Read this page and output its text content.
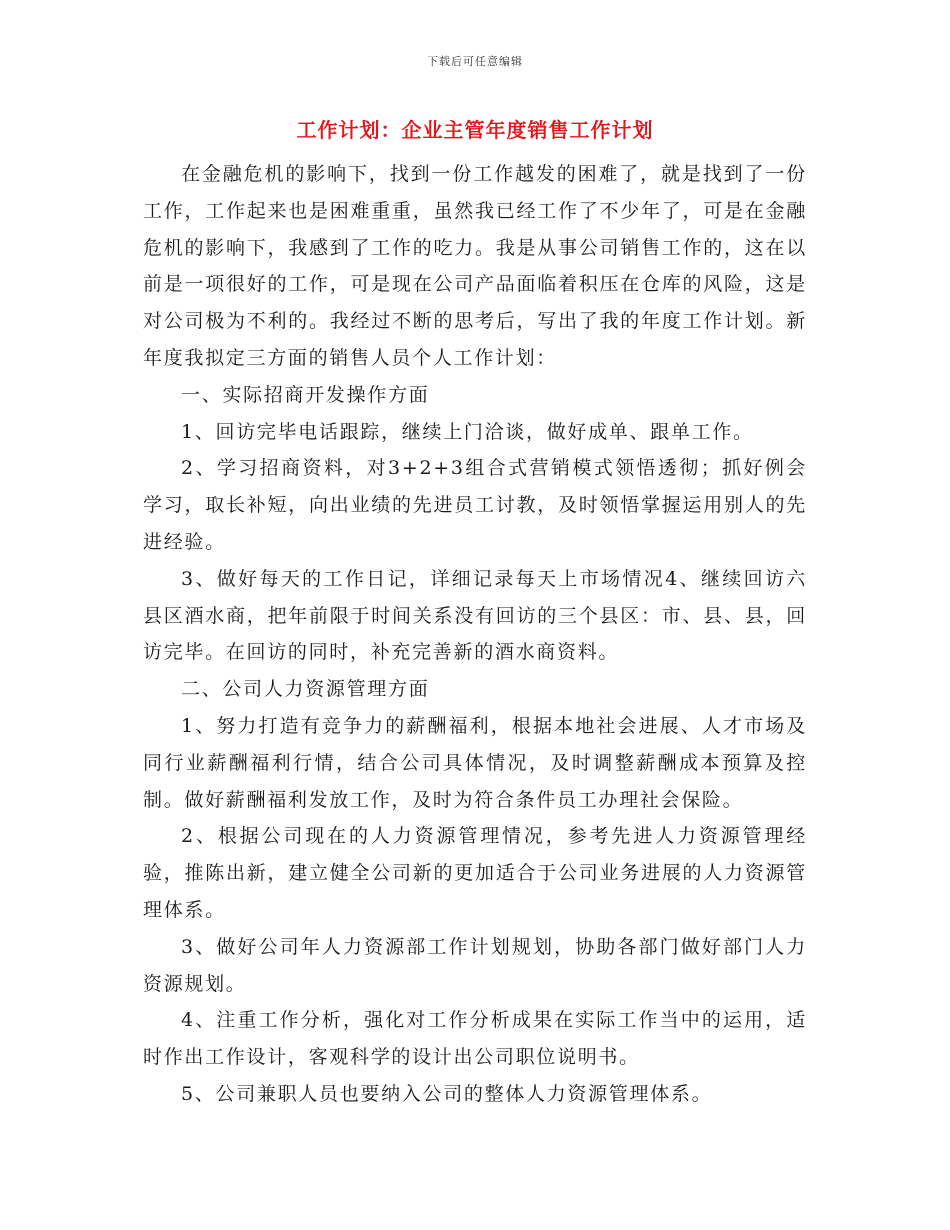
下载后可任意编辑
工作计划：企业主管年度销售工作计划

在金融危机的影响下，找到一份工作越发的困难了，就是找到了一份工作，工作起来也是困难重重，虽然我已经工作了不少年了，可是在金融危机的影响下，我感到了工作的吃力。我是从事公司销售工作的，这在以前是一项很好的工作，可是现在公司产品面临着积压在仓库的风险，这是对公司极为不利的。我经过不断的思考后，写出了我的年度工作计划。新年度我拟定三方面的销售人员个人工作计划：

一、实际招商开发操作方面

1、回访完毕电话跟踪，继续上门洽谈，做好成单、跟单工作。

2、学习招商资料，对3+2+3组合式营销模式领悟透彻；抓好例会学习，取长补短，向出业绩的先进员工讨教，及时领悟掌握运用别人的先进经验。

3、做好每天的工作日记，详细记录每天上市场情况4、继续回访六县区酒水商，把年前限于时间关系没有回访的三个县区：市、县、县，回访完毕。在回访的同时，补充完善新的酒水商资料。

二、公司人力资源管理方面

1、努力打造有竞争力的薪酬福利，根据本地社会进展、人才市场及同行业薪酬福利行情，结合公司具体情况，及时调整薪酬成本预算及控制。做好薪酬福利发放工作，及时为符合条件员工办理社会保险。

2、根据公司现在的人力资源管理情况，参考先进人力资源管理经验，推陈出新，建立健全公司新的更加适合于公司业务进展的人力资源管理体系。

3、做好公司年人力资源部工作计划规划，协助各部门做好部门人力资源规划。

4、注重工作分析，强化对工作分析成果在实际工作当中的运用，适时作出工作设计，客观科学的设计出公司职位说明书。

5、公司兼职人员也要纳入公司的整体人力资源管理体系。
